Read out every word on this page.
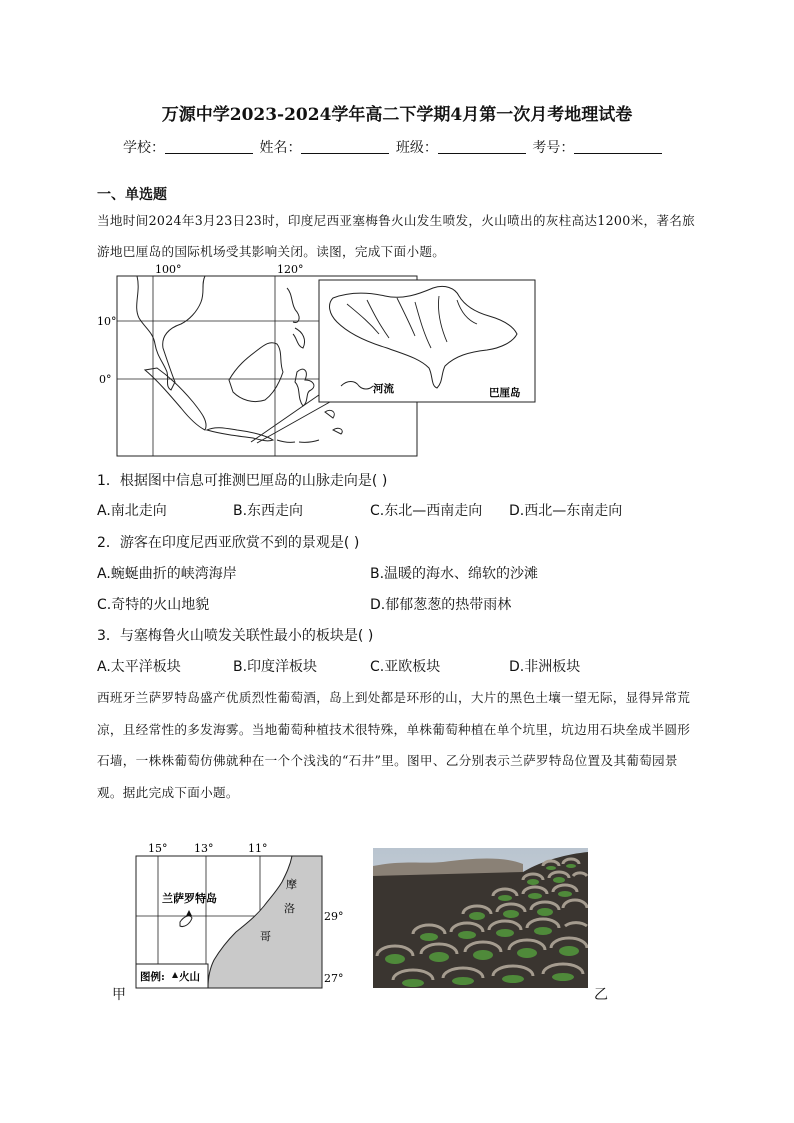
万源中学2023-2024学年高二下学期4月第一次月考地理试卷
学校：	姓名：	班级：	考号：
一、单选题
当地时间2024年3月23日23时，印度尼西亚塞梅鲁火山发生喷发，火山喷出的灰柱高达1200米，著名旅游地巴厘岛的国际机场受其影响关闭。读图，完成下面小题。
100°	120°
10°
0°
河流	巴厘岛
1．根据图中信息可推测巴厘岛的山脉走向是( )
A.南北走向	B.东西走向	C.东北—西南走向 D.西北—东南走向
2．游客在印度尼西亚欣赏不到的景观是( )
A.蜿蜒曲折的峡湾海岸	B.温暖的海水、绵软的沙滩
C.奇特的火山地貌	D.郁郁葱葱的热带雨林
3．与塞梅鲁火山喷发关联性最小的板块是( )
A.太平洋板块	B.印度洋板块	C.亚欧板块	D.非洲板块
西班牙兰萨罗特岛盛产优质烈性葡萄酒，岛上到处都是环形的山，大片的黑色土壤一望无际，显得异常荒凉，且经常性的多发海雾。当地葡萄种植技术很特殊，单株葡萄种植在单个坑里，坑边用石块垒成半圆形石墙，一株株葡萄仿佛就种在一个个浅浅的“石井”里。图甲、乙分别表示兰萨罗特岛位置及其葡萄园景观。据此完成下面小题。
甲
15° 13°	11°
兰萨罗特岛
摩
洛
哥
29°
27°
图例: 火山
乙
